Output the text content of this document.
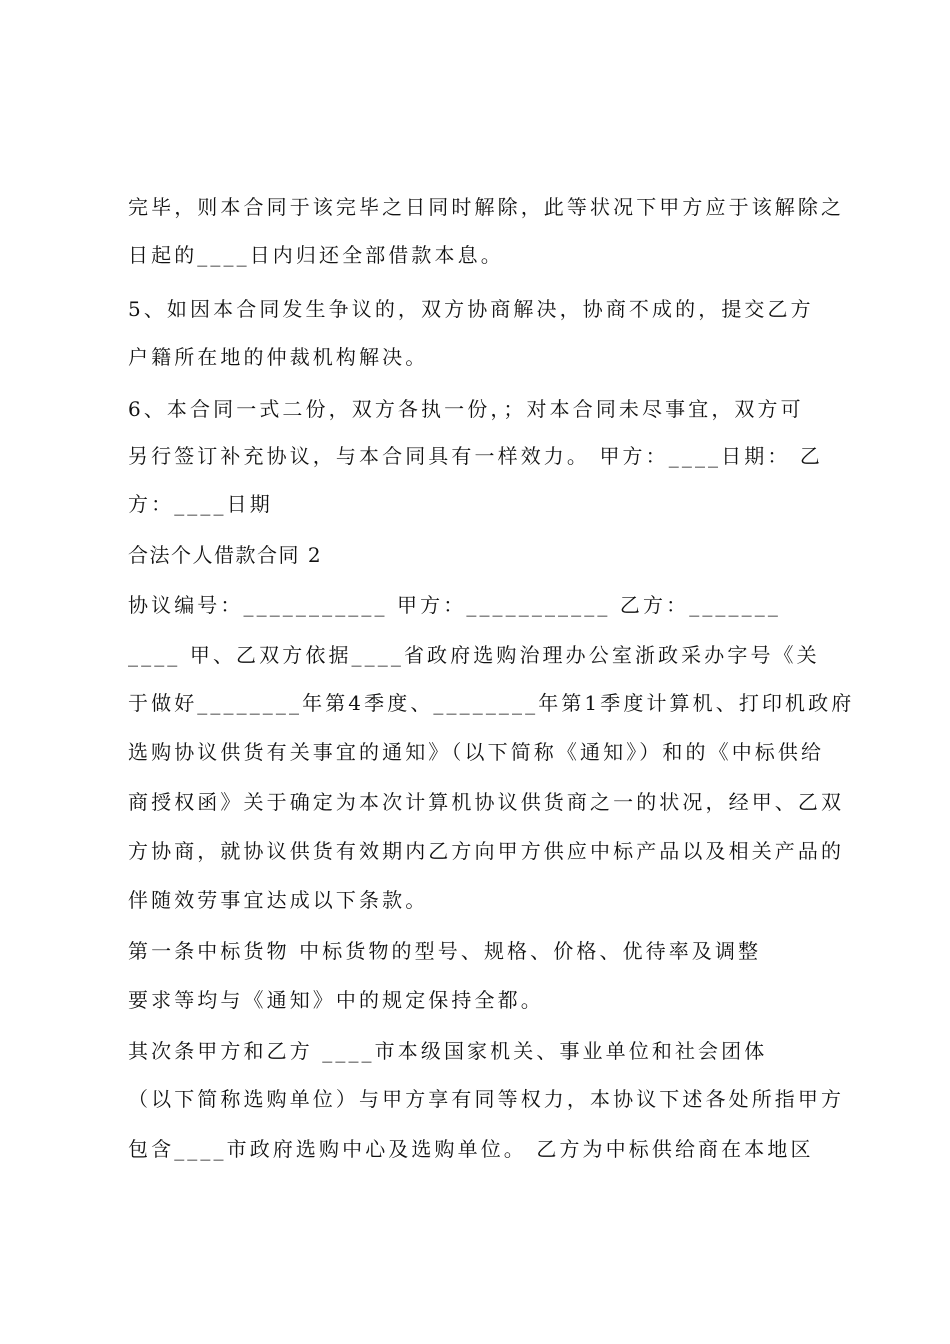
完毕，则本合同于该完毕之日同时解除，此等状况下甲方应于该解除之
日起的____日内归还全部借款本息。
5、如因本合同发生争议的，双方协商解决，协商不成的，提交乙方
户籍所在地的仲裁机构解决。
6、本合同一式二份，双方各执一份，；对本合同未尽事宜，双方可
另行签订补充协议，与本合同具有一样效力。 甲方：____日期： 乙
方：____日期
合法个人借款合同 2
协议编号：___________ 甲方：___________ 乙方：_______
____ 甲、乙双方依据____省政府选购治理办公室浙政采办字号《关
于做好________年第4季度、________年第1季度计算机、打印机政府
选购协议供货有关事宜的通知》（以下简称《通知》）和的《中标供给
商授权函》关于确定为本次计算机协议供货商之一的状况，经甲、乙双
方协商，就协议供货有效期内乙方向甲方供应中标产品以及相关产品的
伴随效劳事宜达成以下条款。
第一条中标货物 中标货物的型号、规格、价格、优待率及调整
要求等均与《通知》中的规定保持全都。
其次条甲方和乙方 ____市本级国家机关、事业单位和社会团体
（以下简称选购单位）与甲方享有同等权力，本协议下述各处所指甲方
包含____市政府选购中心及选购单位。 乙方为中标供给商在本地区
